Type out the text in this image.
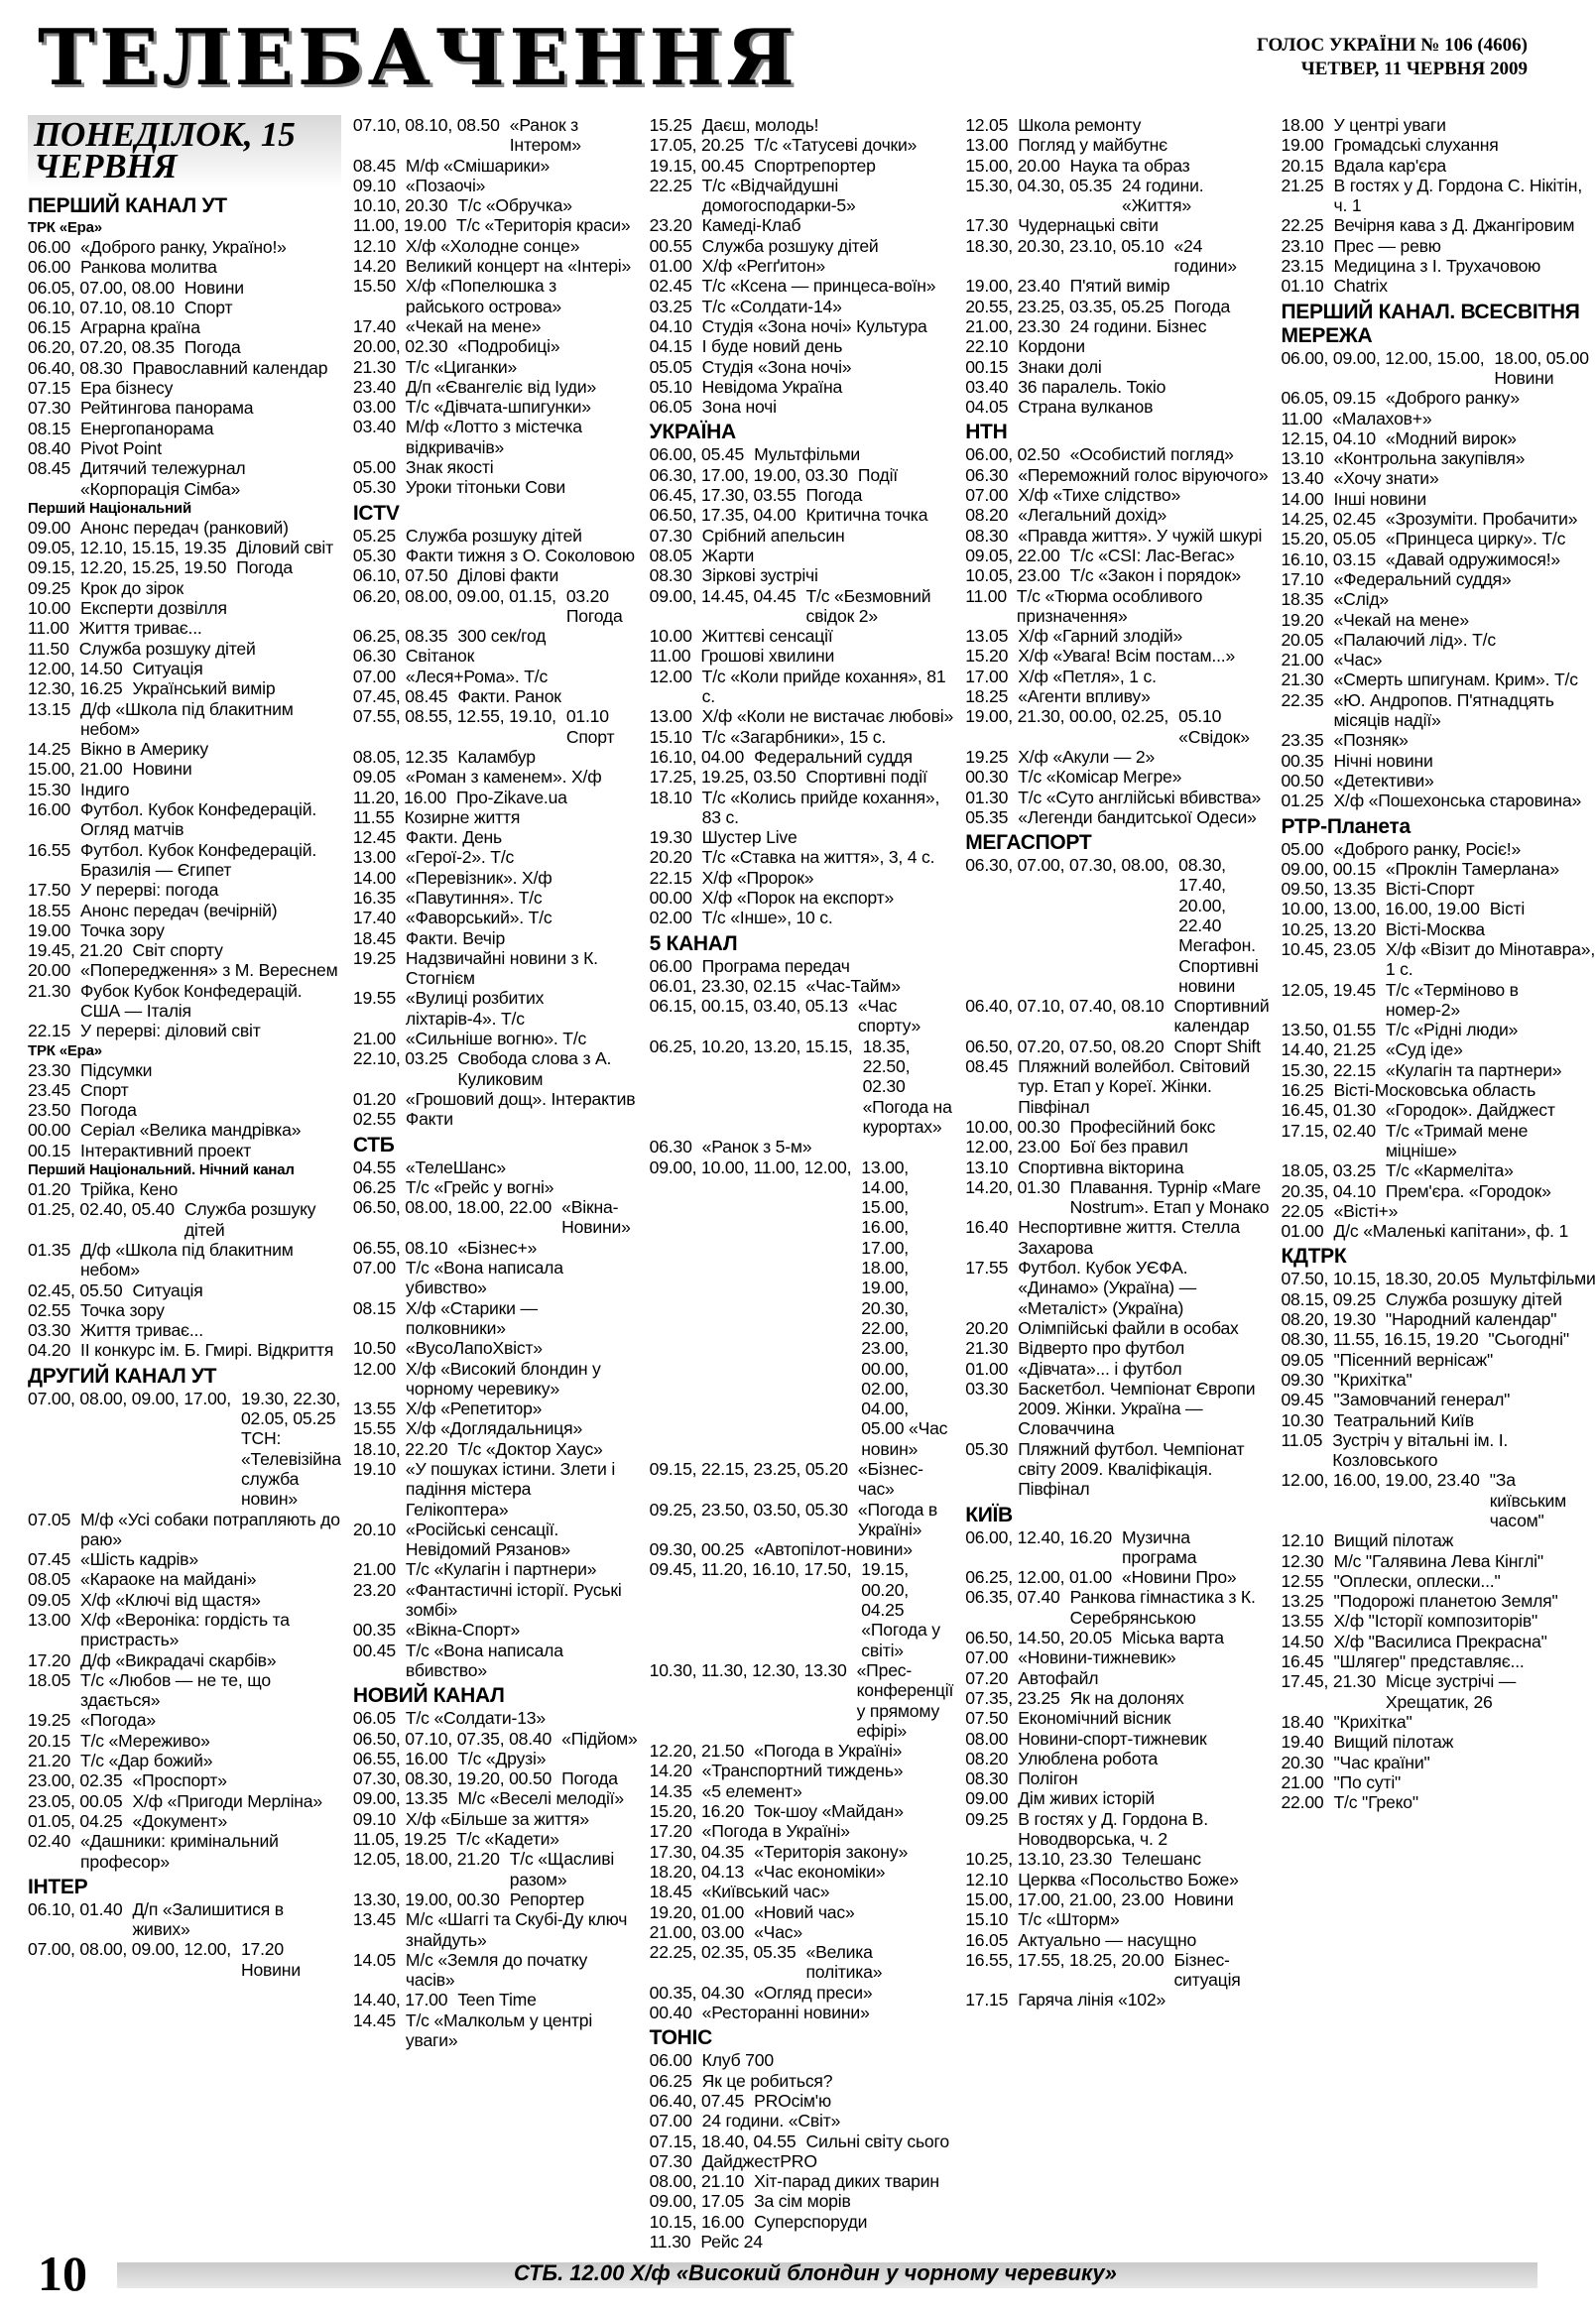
ТЕЛЕБАЧЕННЯ	ГОЛОС УКРАЇНИ № 106 (4606)
ЧЕТВЕР, 11 ЧЕРВНЯ 2009
ПОНЕДІЛОК, 15 ЧЕРВНЯ
ПЕРШИЙ КАНАЛ УТ
ТРК «Ера»
06.00 «Доброго ранку, Україно!»
06.00 Ранкова молитва
06.05, 07.00, 08.00 Новини
06.10, 07.10, 08.10 Спорт
06.15 Аграрна країна
06.20, 07.20, 08.35 Погода
06.40, 08.30 Православний календар
07.15 Ера бізнесу
07.30 Рейтингова панорама
08.15 Енергопанорама
08.40 Pivot Point
08.45 Дитячий тележурнал «Корпорація Сімба»
Перший Національний
09.00 Анонс передач (ранковий)
09.05, 12.10, 15.15, 19.35 Діловий світ
09.15, 12.20, 15.25, 19.50 Погода
09.25 Крок до зірок
10.00 Експерти дозвілля
11.00 Життя триває...
11.50 Служба розшуку дітей
12.00, 14.50 Ситуація
12.30, 16.25 Український вимір
13.15 Д/ф «Школа під блакитним небом»
14.25 Вікно в Америку
15.00, 21.00 Новини
15.30 Індиго
16.00 Футбол. Кубок Конфедерацій. Огляд матчів
16.55 Футбол. Кубок Конфедерацій. Бразилія — Єгипет
17.50 У перерві: погода
18.55 Анонс передач (вечірній)
19.00 Точка зору
19.45, 21.20 Світ спорту
20.00 «Попередження» з М. Вереснем
21.30 Фубок Кубок Конфедерацій. США — Італія
22.15 У перерві: діловий світ
ТРК «Ера»
23.30 Підсумки
23.45 Спорт
23.50 Погода
00.00 Серіал «Велика мандрівка»
00.15 Інтерактивний проект
Перший Національний. Нічний канал
01.20 Трійка, Кено
01.25, 02.40, 05.40 Служба розшуку дітей
01.35 Д/ф «Школа під блакитним небом»
02.45, 05.50 Ситуація
02.55 Точка зору
03.30 Життя триває...
04.20 ІІ конкурс ім. Б. Гмирі. Відкриття
ДРУГИЙ КАНАЛ УТ
07.00, 08.00, 09.00, 17.00, 19.30, 22.30, 02.05, 05.25 ТСН: «Телевізійна служба новин»
07.05 М/ф «Усі собаки потрапляють до раю»
07.45 «Шість кадрів»
08.05 «Караоке на майдані»
09.05 Х/ф «Ключі від щастя»
13.00 Х/ф «Вероніка: гордість та пристрасть»
17.20 Д/ф «Викрадачі скарбів»
18.05 Т/с «Любов — не те, що здається»
19.25 «Погода»
20.15 Т/с «Мереживо»
21.20 Т/с «Дар божий»
23.00, 02.35 «Проспорт»
23.05, 00.05 Х/ф «Пригоди Мерліна»
01.05, 04.25 «Документ»
02.40 «Дашники: кримінальний професор»
ІНТЕР
06.10, 01.40 Д/п «Залишитися в живих»
07.00, 08.00, 09.00, 12.00, 17.20 Новини
07.10, 08.10, 08.50 «Ранок з Інтером»
08.45 М/ф «Смішарики»
09.10 «Позаочі»
10.10, 20.30 Т/с «Обручка»
11.00, 19.00 Т/с «Територія краси»
12.10 Х/ф «Холодне сонце»
14.20 Великий концерт на «Інтері»
15.50 Х/ф «Попелюшка з райського острова»
17.40 «Чекай на мене»
20.00, 02.30 «Подробиці»
21.30 Т/с «Циганки»
23.40 Д/п «Євангеліє від Іуди»
03.00 Т/с «Дівчата-шпигунки»
03.40 М/ф «Лотто з містечка відкривачів»
05.00 Знак якості
05.30 Уроки тітоньки Сови
ICTV
05.25 Служба розшуку дітей
05.30 Факти тижня з О. Соколовою
06.10, 07.50 Ділові факти
06.20, 08.00, 09.00, 01.15, 03.20 Погода
06.25, 08.35 300 сек/год
06.30 Світанок
07.00 «Леся+Рома». Т/с
07.45, 08.45 Факти. Ранок
07.55, 08.55, 12.55, 19.10, 01.10 Спорт
08.05, 12.35 Каламбур
09.05 «Роман з каменем». Х/ф
11.20, 16.00 Про-Zikave.ua
11.55 Козирне життя
12.45 Факти. День
13.00 «Герої-2». Т/с
14.00 «Перевізник». Х/ф
16.35 «Павутиння». Т/с
17.40 «Фаворський». Т/с
18.45 Факти. Вечір
19.25 Надзвичайні новини з К. Стогнієм
19.55 «Вулиці розбитих ліхтарів-4». Т/с
21.00 «Сильніше вогню». Т/с
22.10, 03.25 Свобода слова з А. Куликовим
01.20 «Грошовий дощ». Інтерактив
02.55 Факти
СТБ
04.55 «ТелеШанс»
06.25 Т/с «Грейс у вогні»
06.50, 08.00, 18.00, 22.00 «Вікна-Новини»
06.55, 08.10 «Бізнес+»
07.00 Т/с «Вона написала убивство»
08.15 Х/ф «Старики — полковники»
10.50 «ВусоЛапоХвіст»
12.00 Х/ф «Високий блондин у чорному черевику»
13.55 Х/ф «Репетитор»
15.55 Х/ф «Доглядальниця»
18.10, 22.20 Т/с «Доктор Хаус»
19.10 «У пошуках істини. Злети і падіння містера Гелікоптера»
20.10 «Російські сенсації. Невідомий Рязанов»
21.00 Т/с «Кулагін і партнери»
23.20 «Фантастичні історії. Руські зомбі»
00.35 «Вікна-Спорт»
00.45 Т/с «Вона написала вбивство»
НОВИЙ КАНАЛ
06.05 Т/с «Солдати-13»
06.50, 07.10, 07.35, 08.40 «Підйом»
06.55, 16.00 Т/с «Друзі»
07.30, 08.30, 19.20, 00.50 Погода
09.00, 13.35 М/с «Веселі мелодії»
09.10 Х/ф «Більше за життя»
11.05, 19.25 Т/с «Кадети»
12.05, 18.00, 21.20 Т/с «Щасливі разом»
13.30, 19.00, 00.30 Репортер
13.45 М/с «Шаггі та Скубі-Ду ключ знайдуть»
14.05 М/с «Земля до початку часів»
14.40, 17.00 Teen Time
14.45 Т/с «Малкольм у центрі уваги»
15.25 Даєш, молодь!
17.05, 20.25 Т/с «Татусеві дочки»
19.15, 00.45 Спортрепортер
22.25 Т/с «Відчайдушні домогосподарки-5»
23.20 Камеді-Клаб
00.55 Служба розшуку дітей
01.00 Х/ф «Регґитон»
02.45 Т/с «Ксена — принцеса-воїн»
03.25 Т/с «Солдати-14»
04.10 Студія «Зона ночі» Культура
04.15 І буде новий день
05.05 Студія «Зона ночі»
05.10 Невідома Україна
06.05 Зона ночі
УКРАЇНА
06.00, 05.45 Мультфільми
06.30, 17.00, 19.00, 03.30 Події
06.45, 17.30, 03.55 Погода
06.50, 17.35, 04.00 Критична точка
07.30 Срібний апельсин
08.05 Жарти
08.30 Зіркові зустрічі
09.00, 14.45, 04.45 Т/с «Безмовний свідок 2»
10.00 Життєві сенсації
11.00 Грошові хвилини
12.00 Т/с «Коли прийде кохання», 81 с.
13.00 Х/ф «Коли не вистачає любові»
15.10 Т/с «Загарбники», 15 с.
16.10, 04.00 Федеральний суддя
17.25, 19.25, 03.50 Спортивні події
18.10 Т/с «Колись прийде кохання», 83 с.
19.30 Шустер Live
20.20 Т/с «Ставка на життя», 3, 4 с.
22.15 Х/ф «Пророк»
00.00 Х/ф «Порок на експорт»
02.00 Т/с «Інше», 10 с.
5 КАНАЛ
06.00 Програма передач
06.01, 23.30, 02.15 «Час-Тайм»
06.15, 00.15, 03.40, 05.13 «Час спорту»
06.25, 10.20, 13.20, 15.15, 18.35, 22.50, 02.30 «Погода на курортах»
06.30 «Ранок з 5-м»
09.00, 10.00, 11.00, 12.00, 13.00, 14.00, 15.00, 16.00, 17.00, 18.00, 19.00, 20.30, 22.00, 23.00, 00.00, 02.00, 04.00, 05.00 «Час новин»
09.15, 22.15, 23.25, 05.20 «Бізнес-час»
09.25, 23.50, 03.50, 05.30 «Погода в Україні»
09.30, 00.25 «Автопілот-новини»
09.45, 11.20, 16.10, 17.50, 19.15, 00.20, 04.25 «Погода у світі»
10.30, 11.30, 12.30, 13.30 «Прес-конференції у прямому ефірі»
12.20, 21.50 «Погода в Україні»
14.20 «Транспортний тиждень»
14.35 «5 елемент»
15.20, 16.20 Ток-шоу «Майдан»
17.20 «Погода в Україні»
17.30, 04.35 «Територія закону»
18.20, 04.13 «Час економіки»
18.45 «Київський час»
19.20, 01.00 «Новий час»
21.00, 03.00 «Час»
22.25, 02.35, 05.35 «Велика політика»
00.35, 04.30 «Огляд преси»
00.40 «Ресторанні новини»
ТОНІС
06.00 Клуб 700
06.25 Як це робиться?
06.40, 07.45 PROсім'ю
07.00 24 години. «Світ»
07.15, 18.40, 04.55 Сильні світу сього
07.30 ДайджестPRO
08.00, 21.10 Хіт-парад диких тварин
09.00, 17.05 За сім морів
10.15, 16.00 Суперспоруди
11.30 Рейс 24
12.05 Школа ремонту
13.00 Погляд у майбутнє
15.00, 20.00 Наука та образ
15.30, 04.30, 05.35 24 години. «Життя»
17.30 Чудернацькі світи
18.30, 20.30, 23.10, 05.10 «24 години»
19.00, 23.40 П'ятий вимір
20.55, 23.25, 03.35, 05.25 Погода
21.00, 23.30 24 години. Бізнес
22.10 Кордони
00.15 Знаки долі
03.40 36 паралель. Токіо
04.05 Страна вулканов
НТН
06.00, 02.50 «Особистий погляд»
06.30 «Переможний голос віруючого»
07.00 Х/ф «Тихе слідство»
08.20 «Легальний дохід»
08.30 «Правда життя». У чужій шкурі
09.05, 22.00 Т/с «CSI: Лас-Вегас»
10.05, 23.00 Т/с «Закон і порядок»
11.00 Т/с «Тюрма особливого призначення»
13.05 Х/ф «Гарний злодій»
15.20 Х/ф «Увага! Всім постам...»
17.00 Х/ф «Петля», 1 с.
18.25 «Агенти впливу»
19.00, 21.30, 00.00, 02.25, 05.10 «Свідок»
19.25 Х/ф «Акули — 2»
00.30 Т/с «Комісар Мегре»
01.30 Т/с «Суто англійські вбивства»
05.35 «Легенди бандитської Одеси»
МЕГАСПОРТ
06.30, 07.00, 07.30, 08.00, 08.30, 17.40, 20.00, 22.40 Мегафон. Спортивні новини
06.40, 07.10, 07.40, 08.10 Спортивний календар
06.50, 07.20, 07.50, 08.20 Спорт Shift
08.45 Пляжний волейбол. Світовий тур. Етап у Кореї. Жінки. Півфінал
10.00, 00.30 Професійний бокс
12.00, 23.00 Бої без правил
13.10 Спортивна вікторина
14.20, 01.30 Плавання. Турнір «Mare Nostrum». Етап у Монако
16.40 Неспортивне життя. Стелла Захарова
17.55 Футбол. Кубок УЄФА. «Динамо» (Україна) — «Металіст» (Україна)
20.20 Олімпійські файли в особах
21.30 Відверто про футбол
01.00 «Дівчата»... і футбол
03.30 Баскетбол. Чемпіонат Європи 2009. Жінки. Україна — Словаччина
05.30 Пляжний футбол. Чемпіонат світу 2009. Кваліфікація. Півфінал
КИЇВ
06.00, 12.40, 16.20 Музична програма
06.25, 12.00, 01.00 «Новини Про»
06.35, 07.40 Ранкова гімнастика з К. Серебрянською
06.50, 14.50, 20.05 Міська варта
07.00 «Новини-тижневик»
07.20 Автофайл
07.35, 23.25 Як на долонях
07.50 Економічний вісник
08.00 Новини-спорт-тижневик
08.20 Улюблена робота
08.30 Полігон
09.00 Дім живих історій
09.25 В гостях у Д. Гордона В. Новодворська, ч. 2
10.25, 13.10, 23.30 Телешанс
12.10 Церква «Посольство Боже»
15.00, 17.00, 21.00, 23.00 Новини
15.10 Т/с «Шторм»
16.05 Актуально — насущно
16.55, 17.55, 18.25, 20.00 Бізнес-ситуація
17.15 Гаряча лінія «102»
18.00 У центрі уваги
19.00 Громадські слухання
20.15 Вдала кар'єра
21.25 В гостях у Д. Гордона С. Нікітін, ч. 1
22.25 Вечірня кава з Д. Джангіровим
23.10 Прес — ревю
23.15 Медицина з І. Трухачовою
01.10 Chatrix
ПЕРШИЙ КАНАЛ. ВСЕСВІТНЯ МЕРЕЖА
06.00, 09.00, 12.00, 15.00, 18.00, 05.00 Новини
06.05, 09.15 «Доброго ранку»
11.00 «Малахов+»
12.15, 04.10 «Модний вирок»
13.10 «Контрольна закупівля»
13.40 «Хочу знати»
14.00 Інші новини
14.25, 02.45 «Зрозуміти. Пробачити»
15.20, 05.05 «Принцеса цирку». Т/с
16.10, 03.15 «Давай одружимося!»
17.10 «Федеральний суддя»
18.35 «Слід»
19.20 «Чекай на мене»
20.05 «Палаючий лід». Т/с
21.00 «Час»
21.30 «Смерть шпигунам. Крим». Т/с
22.35 «Ю. Андропов. П'ятнадцять місяців надії»
23.35 «Позняк»
00.35 Нічні новини
00.50 «Детективи»
01.25 Х/ф «Пошехонська старовина»
РТР-Планета
05.00 «Доброго ранку, Росіє!»
09.00, 00.15 «Проклін Тамерлана»
09.50, 13.35 Вісті-Спорт
10.00, 13.00, 16.00, 19.00 Вісті
10.25, 13.20 Вісті-Москва
10.45, 23.05 Х/ф «Візит до Мінотавра», 1 с.
12.05, 19.45 Т/с «Терміново в номер-2»
13.50, 01.55 Т/с «Рідні люди»
14.40, 21.25 «Суд іде»
15.30, 22.15 «Кулагін та партнери»
16.25 Вісті-Московська область
16.45, 01.30 «Городок». Дайджест
17.15, 02.40 Т/с «Тримай мене міцніше»
18.05, 03.25 Т/с «Кармеліта»
20.35, 04.10 Прем'єра. «Городок»
22.05 «Вісті+»
01.00 Д/с «Маленькі капітани», ф. 1
КДТРК
07.50, 10.15, 18.30, 20.05 Мультфільми
08.15, 09.25 Служба розшуку дітей
08.20, 19.30 "Народний календар"
08.30, 11.55, 16.15, 19.20 "Сьогодні"
09.05 "Пісенний вернісаж"
09.30 "Крихітка"
09.45 "Замовчаний генерал"
10.30 Театральний Київ
11.05 Зустріч у вітальні ім. І. Козловського
12.00, 16.00, 19.00, 23.40 "За київським часом"
12.10 Вищий пілотаж
12.30 М/с "Галявина Лева Кінглі"
12.55 "Оплески, оплески..."
13.25 "Подорожі планетою Земля"
13.55 Х/ф "Історії композиторів"
14.50 Х/ф "Василиса Прекрасна"
16.45 "Шлягер" представляє...
17.45, 21.30 Місце зустрічі — Хрещатик, 26
18.40 "Крихітка"
19.40 Вищий пілотаж
20.30 "Час країни"
21.00 "По суті"
22.00 Т/с "Греко"
10	СТБ. 12.00 Х/ф «Високий блондин у чорному черевику»
